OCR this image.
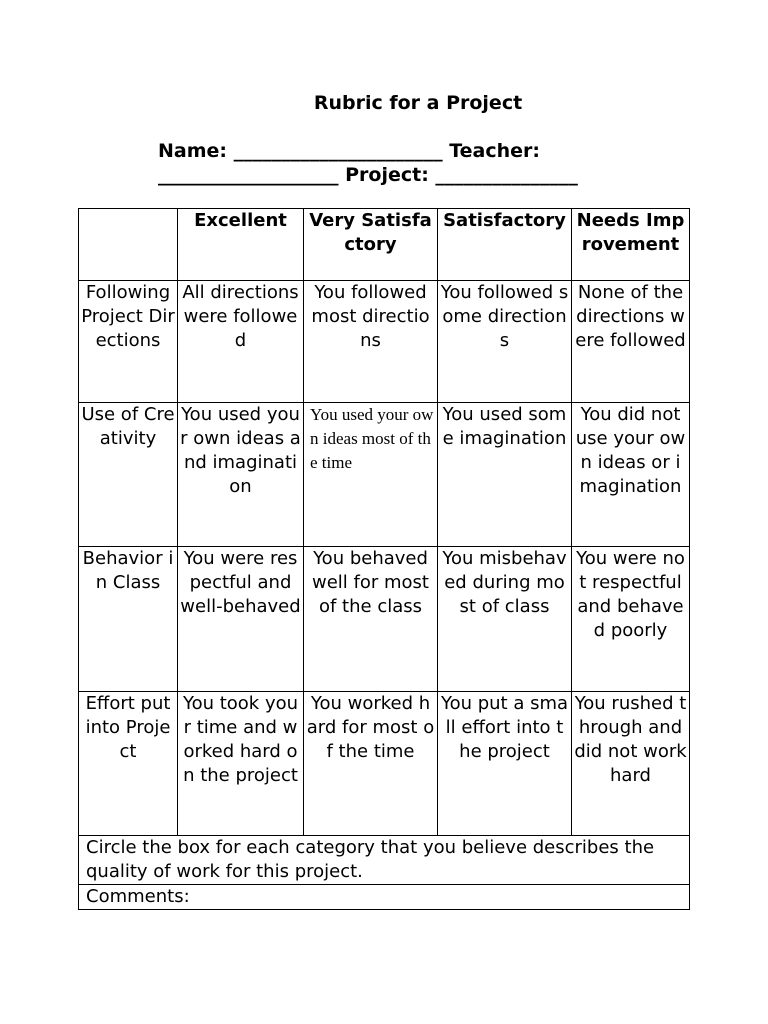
Rubric for a Project
Name: ______________________ Teacher:
___________________ Project: _______________
	Excellent	Very Satisfactory	Satisfactory	Needs Improvement
Following Project Directions	All directions were followed	You followed most directions	You followed some directions	None of the directions were followed
Use of Creativity	You used your own ideas and imagination	You used your own ideas most of the time	You used some imagination	You did not use your own ideas or imagination
Behavior in Class	You were respectful and well-behaved	You behaved well for most of the class	You misbehaved during most of class	You were not respectful and behaved poorly
Effort put into Project	You took your time and worked hard on the project	You worked hard for most of the time	You put a small effort into the project	You rushed through and did not work hard
Circle the box for each category that you believe describes the quality of work for this project.				
Comments:				
